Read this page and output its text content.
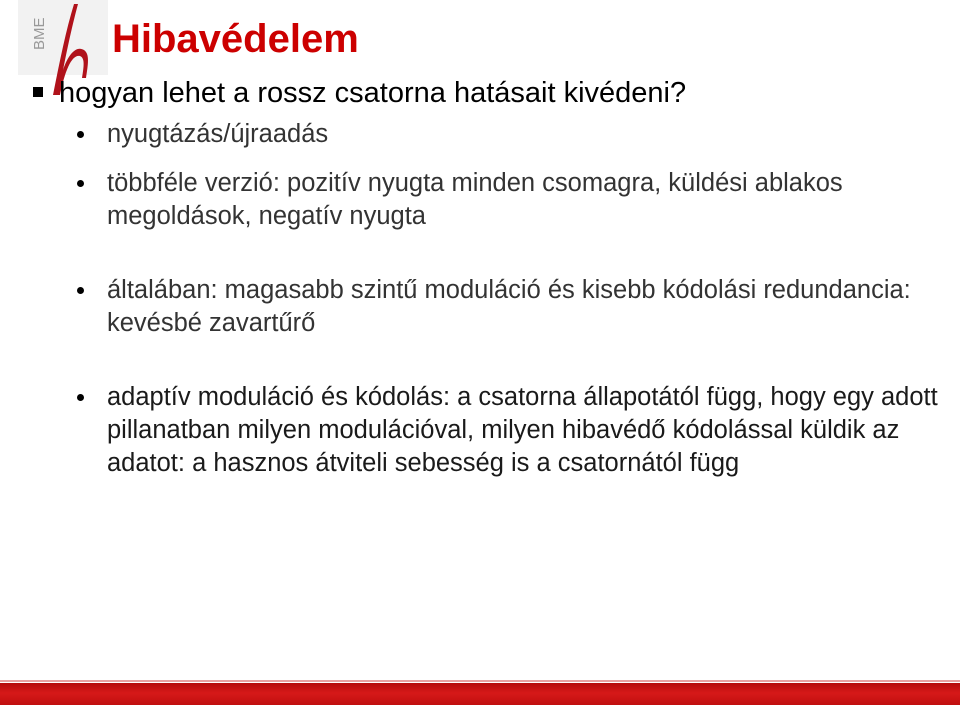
BME Hibavédelem
hogyan lehet a rossz csatorna hatásait kivédeni?
nyugtázás/újraadás
többféle verzió: pozitív nyugta minden csomagra, küldési ablakos megoldások, negatív nyugta
általában: magasabb szintű moduláció és kisebb kódolási redundancia: kevésbé zavartűrő
adaptív moduláció és kódolás: a csatorna állapotától függ, hogy egy adott pillanatban milyen modulációval, milyen hibavédő kódolással küldik az adatot: a hasznos átviteli sebesség is a csatornától függ
